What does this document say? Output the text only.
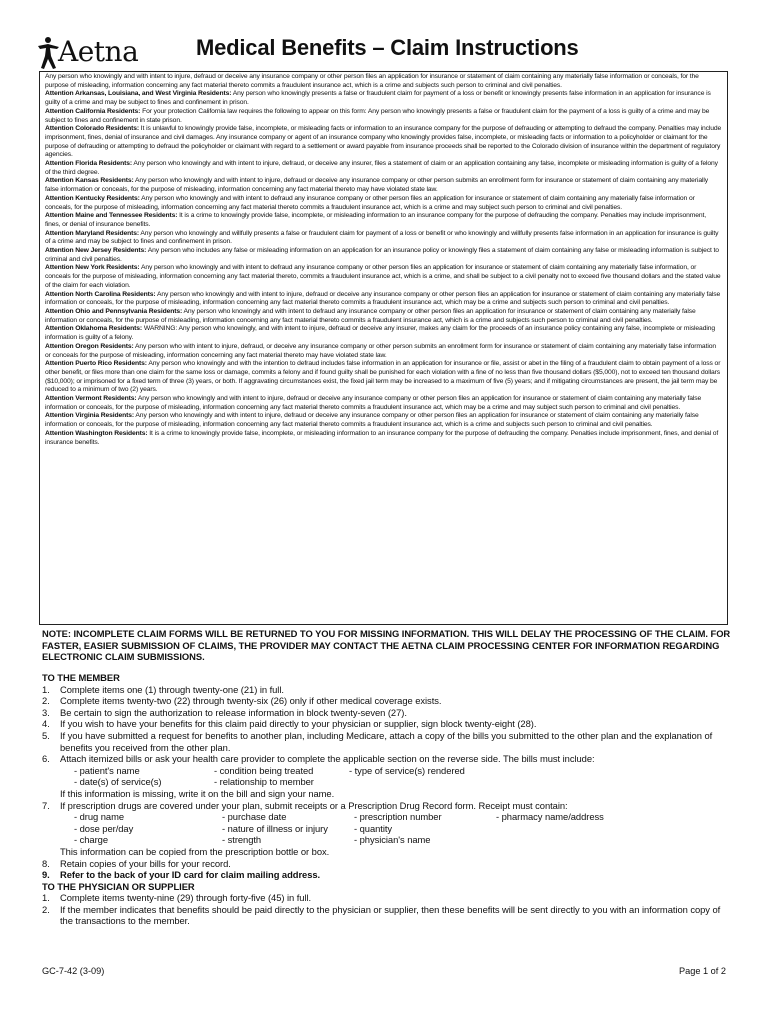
Aetna	Medical Benefits – Claim Instructions

Any person who knowingly and with intent to injure, defraud or deceive any insurance company or other person files an application for insurance or statement of claim containing any materially false information or conceals, for the purpose of misleading, information concerning any fact material thereto commits a fraudulent insurance act, which is a crime and subjects such person to criminal and civil penalties.

Attention Arkansas, Louisiana, and West Virginia Residents: Any person who knowingly presents a false or fraudulent claim for payment of a loss or benefit or knowingly presents false information in an application for insurance is guilty of a crime and may be subject to fines and confinement in prison.

Attention California Residents: For your protection California law requires the following to appear on this form: Any person who knowingly presents a false or fraudulent claim for the payment of a loss is guilty of a crime and may be subject to fines and confinement in state prison.

Attention Colorado Residents: It is unlawful to knowingly provide false, incomplete, or misleading facts or information to an insurance company for the purpose of defrauding or attempting to defraud the company. Penalties may include imprisonment, fines, denial of insurance and civil damages. Any insurance company or agent of an insurance company who knowingly provides false, incomplete, or misleading facts or information to a policyholder or claimant for the purpose of defrauding or attempting to defraud the policyholder or claimant with regard to a settlement or award payable from insurance proceeds shall be reported to the Colorado division of insurance within the department of regulatory agencies.

Attention Florida Residents: Any person who knowingly and with intent to injure, defraud, or deceive any insurer, files a statement of claim or an application containing any false, incomplete or misleading information is guilty of a felony of the third degree.

Attention Kansas Residents: Any person who knowingly and with intent to injure, defraud or deceive any insurance company or other person submits an enrollment form for insurance or statement of claim containing any materially false information or conceals, for the purpose of misleading, information concerning any fact material thereto may have violated state law.

Attention Kentucky Residents: Any person who knowingly and with intent to defraud any insurance company or other person files an application for insurance or statement of claim containing any materially false information or conceals, for the purpose of misleading, information concerning any fact material thereto commits a fraudulent insurance act, which is a crime and may subject such person to criminal and civil penalties.

Attention Maine and Tennessee Residents: It is a crime to knowingly provide false, incomplete, or misleading information to an insurance company for the purpose of defrauding the company. Penalties may include imprisonment, fines, or denial of insurance benefits.

Attention Maryland Residents: Any person who knowingly and willfully presents a false or fraudulent claim for payment of a loss or benefit or who knowingly and willfully presents false information in an application for insurance is guilty of a crime and may be subject to fines and confinement in prison.

Attention New Jersey Residents: Any person who includes any false or misleading information on an application for an insurance policy or knowingly files a statement of claim containing any false or misleading information is subject to criminal and civil penalties.

Attention New York Residents: Any person who knowingly and with intent to defraud any insurance company or other person files an application for insurance or statement of claim containing any materially false information, or conceals for the purpose of misleading, information concerning any fact material thereto, commits a fraudulent insurance act, which is a crime, and shall be subject to a civil penalty not to exceed five thousand dollars and the stated value of the claim for each violation.

Attention North Carolina Residents: Any person who knowingly and with intent to injure, defraud or deceive any insurance company or other person files an application for insurance or statement of claim containing any materially false information or conceals, for the purpose of misleading, information concerning any fact material thereto commits a fraudulent insurance act, which may be a crime and subjects such person to criminal and civil penalties.

Attention Ohio and Pennsylvania Residents: Any person who knowingly and with intent to defraud any insurance company or other person files an application for insurance or statement of claim containing any materially false information or conceals, for the purpose of misleading, information concerning any fact material thereto commits a fraudulent insurance act, which is a crime and subjects such person to criminal and civil penalties.

Attention Oklahoma Residents: WARNING: Any person who knowingly, and with intent to injure, defraud or deceive any insurer, makes any claim for the proceeds of an insurance policy containing any false, incomplete or misleading information is guilty of a felony.

Attention Oregon Residents: Any person who with intent to injure, defraud, or deceive any insurance company or other person submits an enrollment form for insurance or statement of claim containing any materially false information or conceals for the purpose of misleading, information concerning any fact material thereto may have violated state law.

Attention Puerto Rico Residents: Any person who knowingly and with the intention to defraud includes false information in an application for insurance or file, assist or abet in the filing of a fraudulent claim to obtain payment of a loss or other benefit, or files more than one claim for the same loss or damage, commits a felony and if found guilty shall be punished for each violation with a fine of no less than five thousand dollars ($5,000), not to exceed ten thousand dollars ($10,000); or imprisoned for a fixed term of three (3) years, or both. If aggravating circumstances exist, the fixed jail term may be increased to a maximum of five (5) years; and if mitigating circumstances are present, the jail term may be reduced to a minimum of two (2) years.

Attention Vermont Residents: Any person who knowingly and with intent to injure, defraud or deceive any insurance company or other person files an application for insurance or statement of claim containing any materially false information or conceals, for the purpose of misleading, information concerning any fact material thereto commits a fraudulent insurance act, which may be a crime and may subject such person to criminal and civil penalties.

Attention Virginia Residents: Any person who knowingly and with intent to injure, defraud or deceive any insurance company or other person files an application for insurance or statement of claim containing any materially false information or conceals, for the purpose of misleading, information concerning any fact material thereto commits a fraudulent insurance act, which is a crime and subjects such person to criminal and civil penalties.

Attention Washington Residents: It is a crime to knowingly provide false, incomplete, or misleading information to an insurance company for the purpose of defrauding the company. Penalties include imprisonment, fines, and denial of insurance benefits.

NOTE: INCOMPLETE CLAIM FORMS WILL BE RETURNED TO YOU FOR MISSING INFORMATION. THIS WILL DELAY THE PROCESSING OF THE CLAIM. FOR FASTER, EASIER SUBMISSION OF CLAIMS, THE PROVIDER MAY CONTACT THE AETNA CLAIM PROCESSING CENTER FOR INFORMATION REGARDING ELECTRONIC CLAIM SUBMISSIONS.

TO THE MEMBER

1. Complete items one (1) through twenty-one (21) in full.
2. Complete items twenty-two (22) through twenty-six (26) only if other medical coverage exists.
3. Be certain to sign the authorization to release information in block twenty-seven (27).
4. If you wish to have your benefits for this claim paid directly to your physician or supplier, sign block twenty-eight (28).
5. If you have submitted a request for benefits to another plan, including Medicare, attach a copy of the bills you submitted to the other plan and the explanation of benefits you received from the other plan.
6. Attach itemized bills or ask your health care provider to complete the applicable section on the reverse side. The bills must include:
- patient's name	- condition being treated	- type of service(s) rendered
- date(s) of service(s)	- relationship to member
If this information is missing, write it on the bill and sign your name.
7. If prescription drugs are covered under your plan, submit receipts or a Prescription Drug Record form. Receipt must contain:
- drug name	- purchase date	- prescription number	- pharmacy name/address
- dose per/day	- nature of illness or injury	- quantity
- charge	- strength	- physician's name
This information can be copied from the prescription bottle or box.
8. Retain copies of your bills for your record.
9. Refer to the back of your ID card for claim mailing address.

TO THE PHYSICIAN OR SUPPLIER

1. Complete items twenty-nine (29) through forty-five (45) in full.
2. If the member indicates that benefits should be paid directly to the physician or supplier, then these benefits will be sent directly to you with an information copy of the transactions to the member.
GC-7-42 (3-09)	Page 1 of 2
